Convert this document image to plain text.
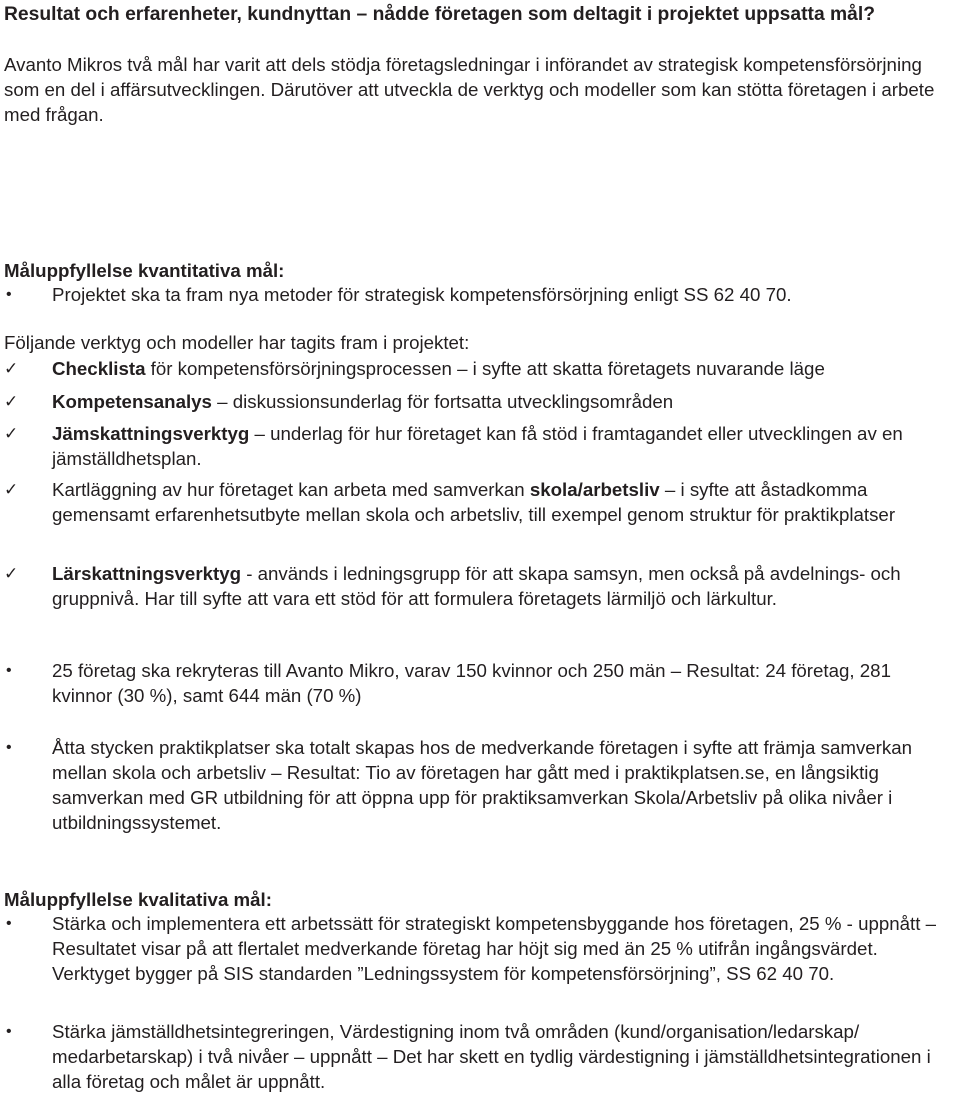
Resultat och erfarenheter, kundnyttan – nådde företagen som deltagit i projektet uppsatta mål?

Avanto Mikros två mål har varit att dels stödja företagsledningar i införandet av strategisk kompetensförsörjning som en del i affärsutvecklingen. Därutöver att utveckla de verktyg och modeller som kan stötta företagen i arbete med frågan.

Måluppfyllelse kvantitativa mål:
•	Projektet ska ta fram nya metoder för strategisk kompetensförsörjning enligt SS 62 40 70.

Följande verktyg och modeller har tagits fram i projektet:

✓	Checklista för kompetensförsörjningsprocessen – i syfte att skatta företagets nuvarande läge
✓	Kompetensanalys – diskussionsunderlag för fortsatta utvecklingsområden
✓	Jämskattningsverktyg – underlag för hur företaget kan få stöd i framtagandet eller utvecklingen av en jämställdhetsplan.
✓	Kartläggning av hur företaget kan arbeta med samverkan skola/arbetsliv – i syfte att åstadkomma gemensamt erfarenhetsutbyte mellan skola och arbetsliv, till exempel genom struktur för praktikplatser
✓	Lärskattningsverktyg - används i ledningsgrupp för att skapa samsyn, men också på avdelnings- och gruppnivå. Har till syfte att vara ett stöd för att formulera företagets lärmiljö och lärkultur.
•	25 företag ska rekryteras till Avanto Mikro, varav 150 kvinnor och 250 män – Resultat: 24 företag, 281 kvinnor (30 %), samt 644 män (70 %)
•	Åtta stycken praktikplatser ska totalt skapas hos de medverkande företagen i syfte att främja samverkan mellan skola och arbetsliv – Resultat: Tio av företagen har gått med i praktikplatsen.se, en långsiktig samverkan med GR utbildning för att öppna upp för praktiksamverkan Skola/Arbetsliv på olika nivåer i utbildningssystemet.
Måluppfyllelse kvalitativa mål:
•	Stärka och implementera ett arbetssätt för strategiskt kompetensbyggande hos företagen, 25 % - uppnått – Resultatet visar på att flertalet medverkande företag har höjt sig med än 25 % utifrån ingångsvärdet. Verktyget bygger på SIS standarden ”Ledningssystem för kompetensförsörjning”, SS 62 40 70.
•	Stärka jämställdhetsintegreringen, Värdestigning inom två områden (kund/organisation/ledarskap/ medarbetarskap) i två nivåer – uppnått – Det har skett en tydlig värdestigning i jämställdhetsintegrationen i alla företag och målet är uppnått.
